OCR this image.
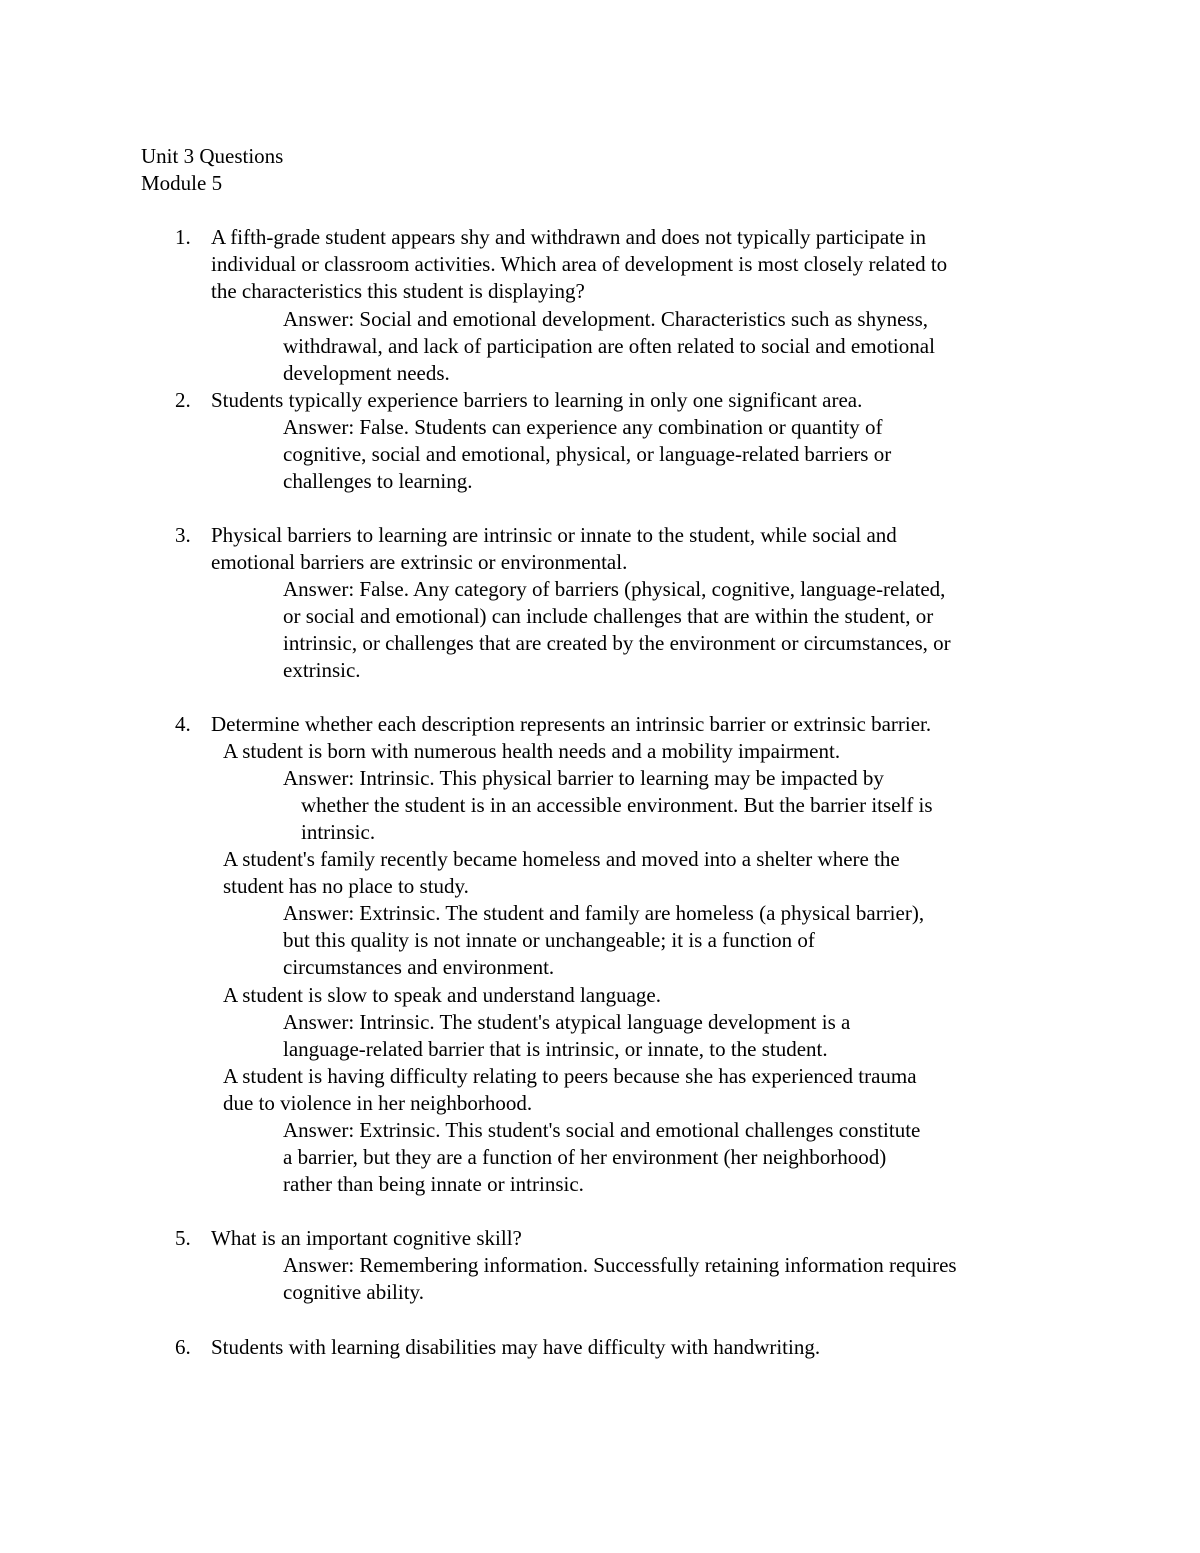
Unit 3 Questions
Module 5
1. A fifth-grade student appears shy and withdrawn and does not typically participate in
individual or classroom activities. Which area of development is most closely related to
the characteristics this student is displaying?
Answer: Social and emotional development. Characteristics such as shyness,
withdrawal, and lack of participation are often related to social and emotional
development needs.
2. Students typically experience barriers to learning in only one significant area.
Answer: False. Students can experience any combination or quantity of
cognitive, social and emotional, physical, or language-related barriers or
challenges to learning.
3. Physical barriers to learning are intrinsic or innate to the student, while social and
emotional barriers are extrinsic or environmental.
Answer: False. Any category of barriers (physical, cognitive, language-related,
or social and emotional) can include challenges that are within the student, or
intrinsic, or challenges that are created by the environment or circumstances, or
extrinsic.
4. Determine whether each description represents an intrinsic barrier or extrinsic barrier.
A student is born with numerous health needs and a mobility impairment.
Answer: Intrinsic. This physical barrier to learning may be impacted by
whether the student is in an accessible environment. But the barrier itself is
intrinsic.
A student's family recently became homeless and moved into a shelter where the
student has no place to study.
Answer: Extrinsic. The student and family are homeless (a physical barrier),
but this quality is not innate or unchangeable; it is a function of
circumstances and environment.
A student is slow to speak and understand language.
Answer: Intrinsic. The student's atypical language development is a
language-related barrier that is intrinsic, or innate, to the student.
A student is having difficulty relating to peers because she has experienced trauma
due to violence in her neighborhood.
Answer: Extrinsic. This student's social and emotional challenges constitute
a barrier, but they are a function of her environment (her neighborhood)
rather than being innate or intrinsic.
5. What is an important cognitive skill?
Answer: Remembering information. Successfully retaining information requires
cognitive ability.
6. Students with learning disabilities may have difficulty with handwriting.
